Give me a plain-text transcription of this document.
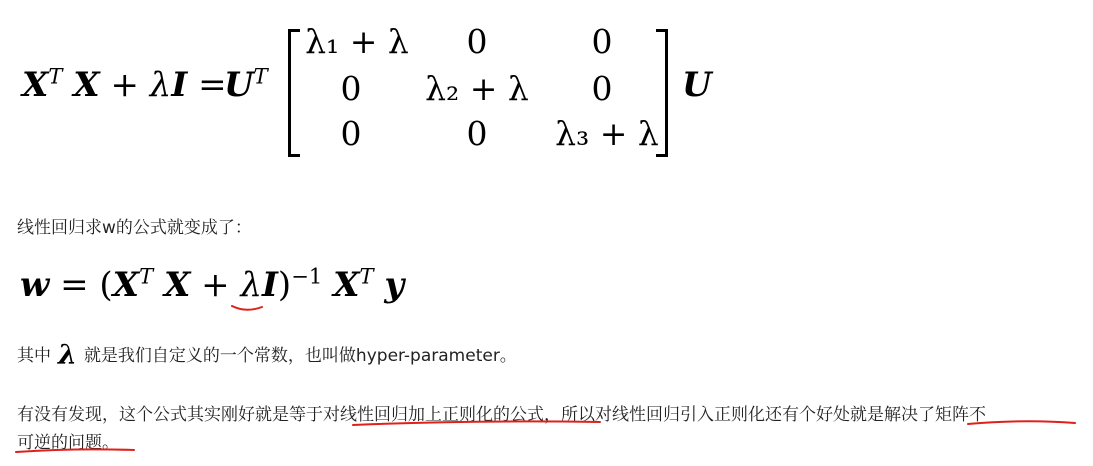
$X^T$ X + λI =
$U^T$
λ₁ + λ	0	0
0	λ₂ + λ	0
0	0	λ₃ + λ
U
线性回归求w的公式就变成了：
$w = (X^T$ X + λI)$^{-1}$ $X^T$ y
其中 λ 就是我们自定义的一个常数，也叫做hyper-parameter。
有没有发现，这个公式其实刚好就是等于对线性回归加上正则化的公式，所以对线性回归引入正则化还有个好处就是解决了矩阵不
可逆的问题。
